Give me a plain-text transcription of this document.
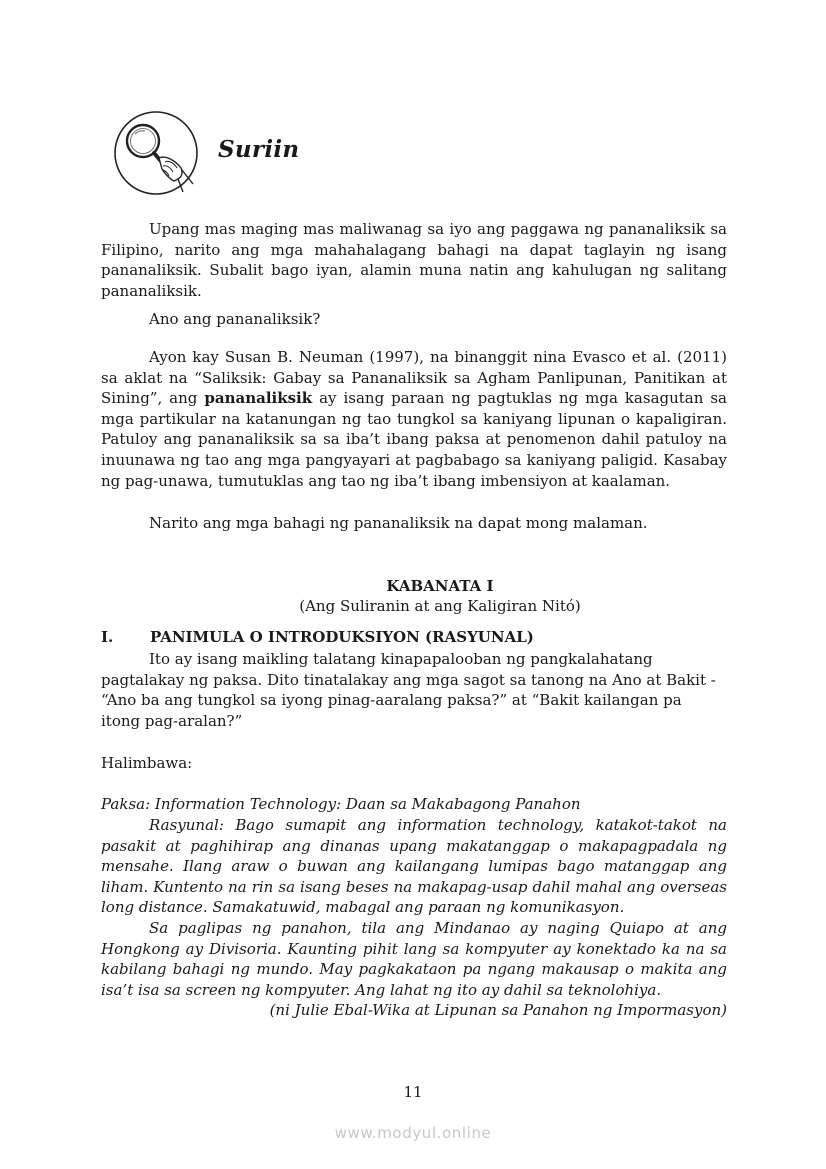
Suriin

Upang mas maging mas maliwanag sa iyo ang paggawa ng pananaliksik sa Filipino, narito ang mga mahahalagang bahagi na dapat taglayin ng isang pananaliksik. Subalit bago iyan, alamin muna natin ang kahulugan ng salitang pananaliksik.

Ano ang pananaliksik?

Ayon kay Susan B. Neuman (1997), na binanggit nina Evasco et al. (2011) sa aklat na “Saliksik: Gabay sa Pananaliksik sa Agham Panlipunan, Panitikan at Sining”, ang pananaliksik ay isang paraan ng pagtuklas ng mga kasagutan sa mga partikular na katanungan ng tao tungkol sa kaniyang lipunan o kapaligiran. Patuloy ang pananaliksik sa sa iba’t ibang paksa at penomenon dahil patuloy na inuunawa ng tao ang mga pangyayari at pagbabago sa kaniyang paligid. Kasabay ng pag-unawa, tumutuklas ang tao ng iba’t ibang imbensiyon at kaalaman.

Narito ang mga bahagi ng pananaliksik na dapat mong malaman.

KABANATA I
(Ang Suliranin at ang Kaligiran Nitó)
I. PANIMULA O INTRODUKSIYON (RASYUNAL)

Ito ay isang maikling talatang kinapapalooban ng pangkalahatang pagtalakay ng paksa. Dito tinatalakay ang mga sagot sa tanong na Ano at Bakit - “Ano ba ang tungkol sa iyong pinag-aaralang paksa?” at “Bakit kailangan pa itong pag-aralan?”

Halimbawa:

Paksa: Information Technology: Daan sa Makabagong Panahon

Rasyunal: Bago sumapit ang information technology, katakot-takot na pasakit at paghihirap ang dinanas upang makatanggap o makapagpadala ng mensahe. Ilang araw o buwan ang kailangang lumipas bago matanggap ang liham. Kuntento na rin sa isang beses na makapag-usap dahil mahal ang overseas long distance. Samakatuwid, mabagal ang paraan ng komunikasyon.

Sa paglipas ng panahon, tila ang Mindanao ay naging Quiapo at ang Hongkong ay Divisoria. Kaunting pihit lang sa kompyuter ay konektado ka na sa kabilang bahagi ng mundo. May pagkakataon pa ngang makausap o makita ang isa’t isa sa screen ng kompyuter. Ang lahat ng ito ay dahil sa teknolohiya.

(ni Julie Ebal-Wika at Lipunan sa Panahon ng Impormasyon)

11
www.modyul.online
